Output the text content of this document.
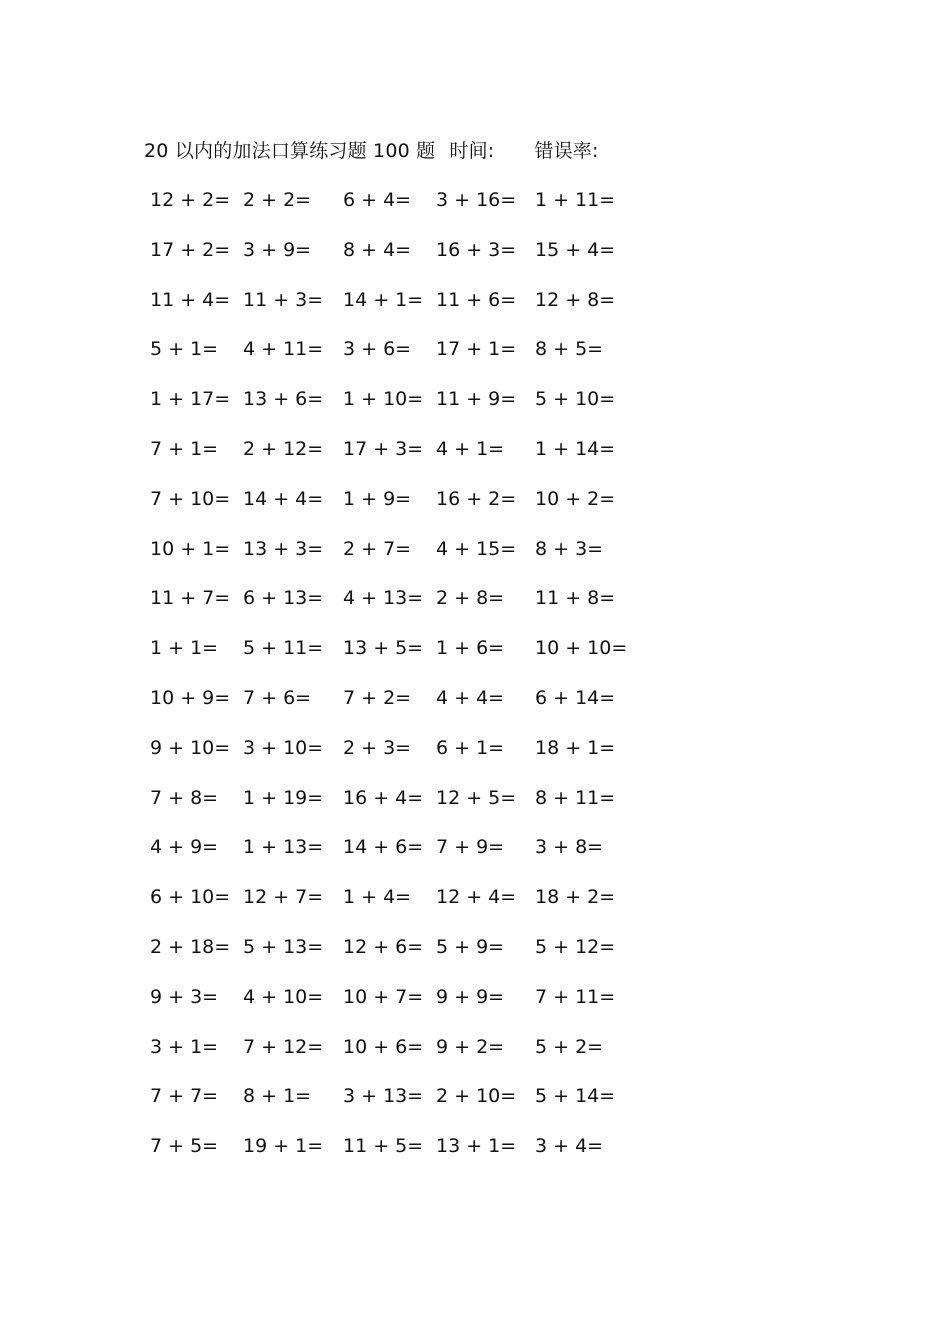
20 以内的加法口算练习题 100 题 时间: 错误率:
12 + 2= 2 + 2= 6 + 4= 3 + 16= 1 + 11=
17 + 2= 3 + 9= 8 + 4= 16 + 3= 15 + 4=
11 + 4= 11 + 3= 14 + 1= 11 + 6= 12 + 8=
5 + 1= 4 + 11= 3 + 6= 17 + 1= 8 + 5=
1 + 17= 13 + 6= 1 + 10= 11 + 9= 5 + 10=
7 + 1= 2 + 12= 17 + 3= 4 + 1= 1 + 14=
7 + 10= 14 + 4= 1 + 9= 16 + 2= 10 + 2=
10 + 1= 13 + 3= 2 + 7= 4 + 15= 8 + 3=
11 + 7= 6 + 13= 4 + 13= 2 + 8= 11 + 8=
1 + 1= 5 + 11= 13 + 5= 1 + 6= 10 + 10=
10 + 9= 7 + 6= 7 + 2= 4 + 4= 6 + 14=
9 + 10= 3 + 10= 2 + 3= 6 + 1= 18 + 1=
7 + 8= 1 + 19= 16 + 4= 12 + 5= 8 + 11=
4 + 9= 1 + 13= 14 + 6= 7 + 9= 3 + 8=
6 + 10= 12 + 7= 1 + 4= 12 + 4= 18 + 2=
2 + 18= 5 + 13= 12 + 6= 5 + 9= 5 + 12=
9 + 3= 4 + 10= 10 + 7= 9 + 9= 7 + 11=
3 + 1= 7 + 12= 10 + 6= 9 + 2= 5 + 2=
7 + 7= 8 + 1= 3 + 13= 2 + 10= 5 + 14=
7 + 5= 19 + 1= 11 + 5= 13 + 1= 3 + 4=
